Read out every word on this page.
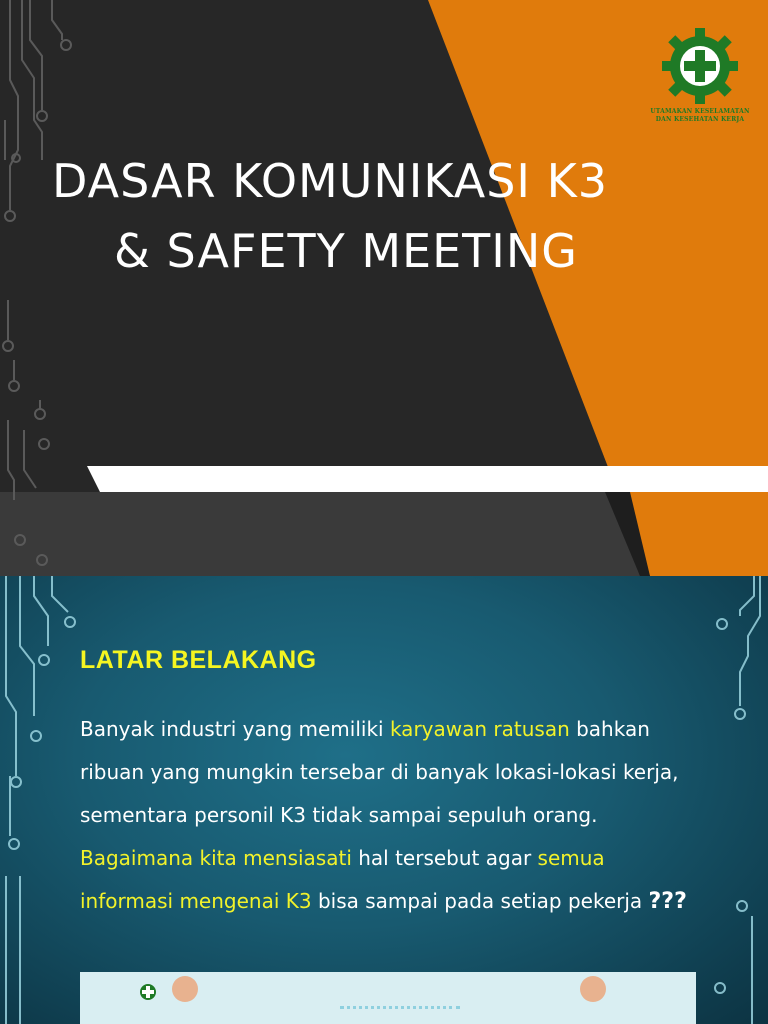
UTAMAKAN KESELAMATAN
DAN KESEHATAN KERJA
DASAR KOMUNIKASI K3
& SAFETY MEETING
LATAR BELAKANG
Banyak industri yang memiliki karyawan ratusan bahkan ribuan yang mungkin tersebar di banyak lokasi-lokasi kerja, sementara personil K3 tidak sampai sepuluh orang. Bagaimana kita mensiasati hal tersebut agar semua informasi mengenai K3 bisa sampai pada setiap pekerja ???
